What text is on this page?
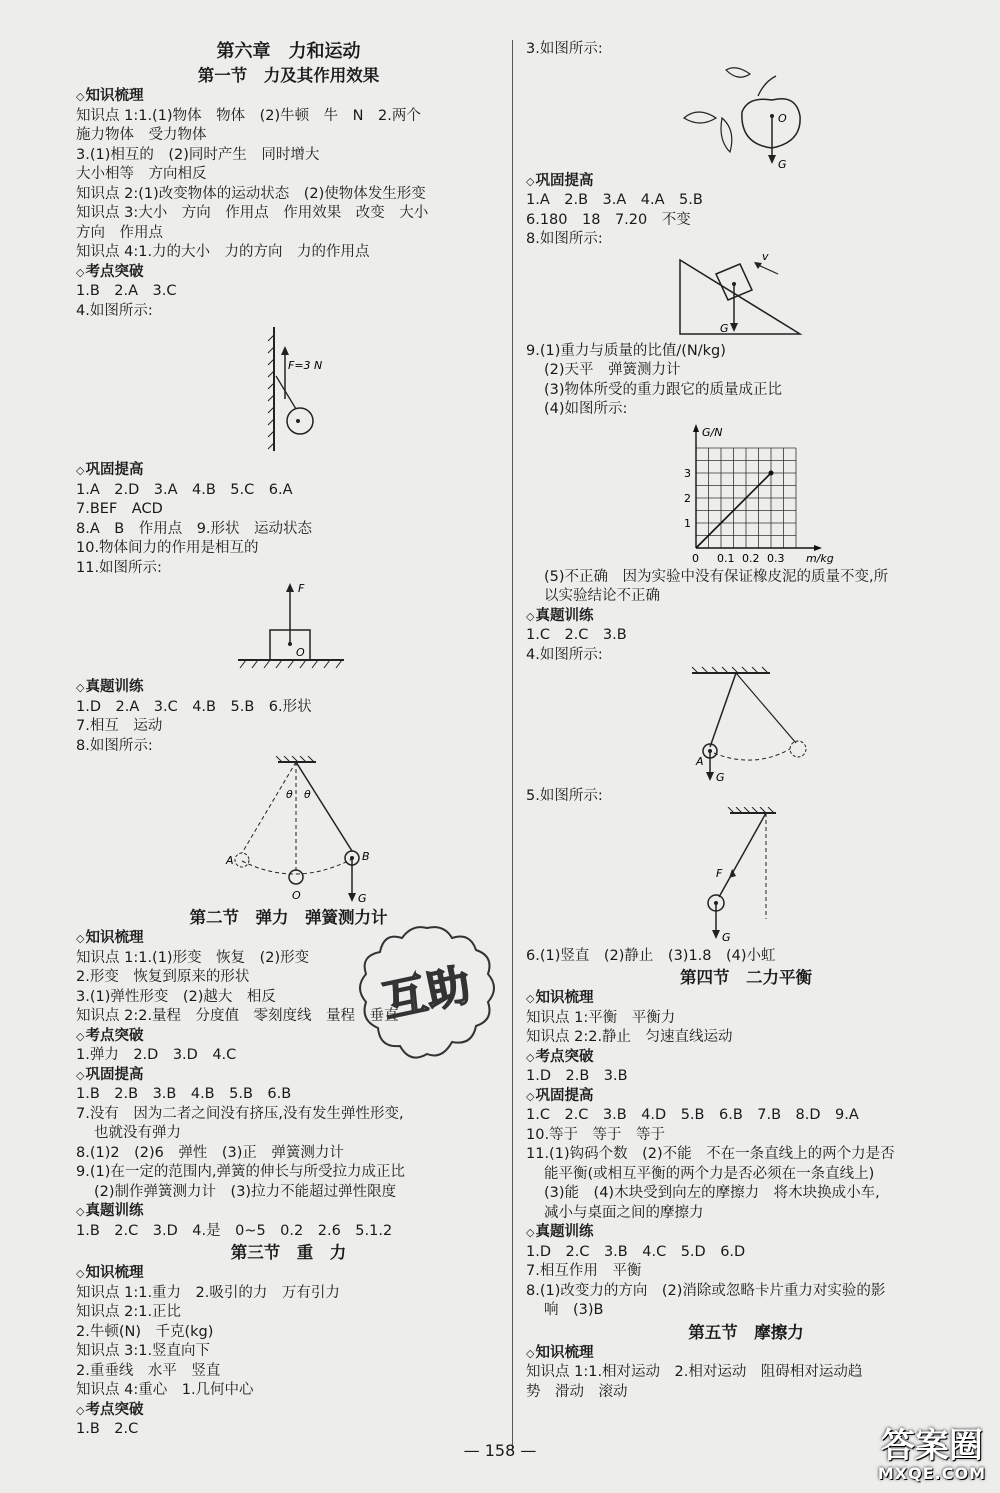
第六章　力和运动
第一节　力及其作用效果
◇ 知识梳理
知识点 1:1.(1)物体　物体　(2)牛顿　牛　N　2.两个
施力物体　受力物体
3.(1)相互的　(2)同时产生　同时增大
大小相等　方向相反
知识点 2:(1)改变物体的运动状态　(2)使物体发生形变
知识点 3:大小　方向　作用点　作用效果　改变　大小
方向　作用点
知识点 4:1.力的大小　力的方向　力的作用点
◇ 考点突破
1.B　2.A　3.C
4.如图所示:
F=3 N
◇ 巩固提高
1.A　2.D　3.A　4.B　5.C　6.A
7.BEF　ACD
8.A　B　作用点　9.形状　运动状态
10.物体间力的作用是相互的
11.如图所示:
F
O
◇ 真题训练
1.D　2.A　3.C　4.B　5.B　6.形状
7.相互　运动
8.如图所示:
θ θ
A	B
O	G
第二节　弹力　弹簧测力计
◇ 知识梳理
知识点 1:1.(1)形变　恢复　(2)形变
2.形变　恢复到原来的形状
3.(1)弹性形变　(2)越大　相反
知识点 2:2.量程　分度值　零刻度线　量程　垂直
◇ 考点突破
1.弹力　2.D　3.D　4.C
◇ 巩固提高
1.B　2.B　3.B　4.B　5.B　6.B
7.没有　因为二者之间没有挤压,没有发生弹性形变,
也就没有弹力
8.(1)2　(2)6　弹性　(3)正　弹簧测力计
9.(1)在一定的范围内,弹簧的伸长与所受拉力成正比
(2)制作弹簧测力计　(3)拉力不能超过弹性限度
◇ 真题训练
1.B　2.C　3.D　4.是　0~5　0.2　2.6　5.1.2
第三节　重　力
◇ 知识梳理
知识点 1:1.重力　2.吸引的力　万有引力
知识点 2:1.正比
2.牛顿(N)　千克(kg)
知识点 3:1.竖直向下
2.重垂线　水平　竖直
知识点 4:重心　1.几何中心
◇ 考点突破
1.B　2.C
3.如图所示:
O
G
◇ 巩固提高
1.A　2.B　3.A　4.A　5.B
6.180　18　7.20　不变
8.如图所示:
v
G
9.(1)重力与质量的比值/(N/kg)
(2)天平　弹簧测力计
(3)物体所受的重力跟它的质量成正比
(4)如图所示:
G/N
m/kg
1
2
3
0 0.1 0.2 0.3
(5)不正确　因为实验中没有保证橡皮泥的质量不变,所
以实验结论不正确
◇ 真题训练
1.C　2.C　3.B
4.如图所示:
A
G
5.如图所示:
F
G
6.(1)竖直　(2)静止　(3)1.8　(4)小虹
第四节　二力平衡
◇ 知识梳理
知识点 1:平衡　平衡力
知识点 2:2.静止　匀速直线运动
◇ 考点突破
1.D　2.B　3.B
◇ 巩固提高
1.C　2.C　3.B　4.D　5.B　6.B　7.B　8.D　9.A
10.等于　等于　等于
11.(1)钩码个数　(2)不能　不在一条直线上的两个力是否
能平衡(或相互平衡的两个力是否必须在一条直线上)
(3)能　(4)木块受到向左的摩擦力　将木块换成小车,
减小与桌面之间的摩擦力
◇ 真题训练
1.D　2.C　3.B　4.C　5.D　6.D
7.相互作用　平衡
8.(1)改变力的方向　(2)消除或忽略卡片重力对实验的影
响　(3)B
第五节　摩擦力
◇ 知识梳理
知识点 1:1.相对运动　2.相对运动　阻碍相对运动趋
势　滑动　滚动
互助
— 158 —	答案圈
MXQE.COM
